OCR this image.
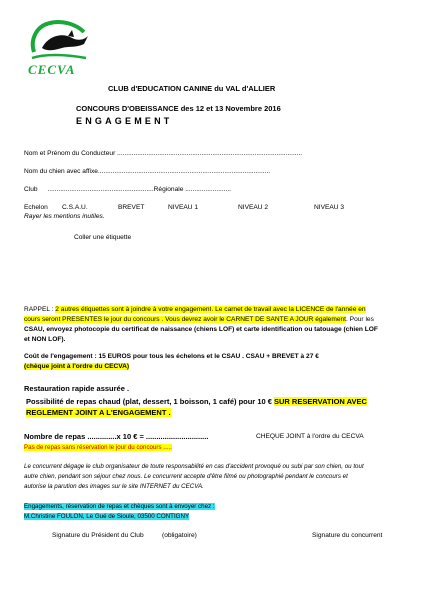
CECVA
CLUB d'EDUCATION CANINE du VAL d'ALLIER
CONCOURS D'OBEISSANCE des 12 et 13 Novembre 2016
ENGAGEMENT
Nom et Prénom du Conducteur .....................................................................................................
Nom du chien avec affixe..............................................................................................
Club ..........................................................Régionale .........................
Echelon C.S.A.U.	BREVET	NIVEAU 1	NIVEAU 2	NIVEAU 3
Rayer les mentions inutiles.
Coller une étiquette
RAPPEL : 2 autres étiquettes sont à joindre à votre engagement. Le carnet de travail avec la LICENCE de l'année en
cours seront PRESENTES le jour du concours . Vous devrez avoir le CARNET DE SANTE A JOUR également. Pour les
CSAU, envoyez photocopie du certificat de naissance (chiens LOF) et carte identification ou tatouage (chien LOF
et NON LOF).
Coût de l'engagement : 15 EUROS pour tous les échelons et le CSAU . CSAU + BREVET à 27 €
(chèque joint à l'ordre du CECVA)
Restauration rapide assurée .
Possibilité de repas chaud (plat, dessert, 1 boisson, 1 café) pour 10 € SUR RESERVATION AVEC
REGLEMENT JOINT A L'ENGAGEMENT .
Nombre de repas ..............x 10 € = ..............................	CHEQUE JOINT à l'ordre du CECVA
Pas de repas sans réservation le jour du concours .....
Le concurrent dégage le club organisateur de toute responsabilité en cas d'accident provoqué ou subi par son chien, ou tout
autre chien, pendant son séjour chez nous. Le concurrent accepte d'être filmé ou photographié pendant le concours et
autorise la parution des images sur le site INTERNET du CECVA.
Engagements, réservation de repas et chèques sont à envoyer chez :
M.Christine FOULON, Le Gué de Sioule, 03500 CONTIGNY
Signature du Président du Club	(obligatoire)	Signature du concurrent
